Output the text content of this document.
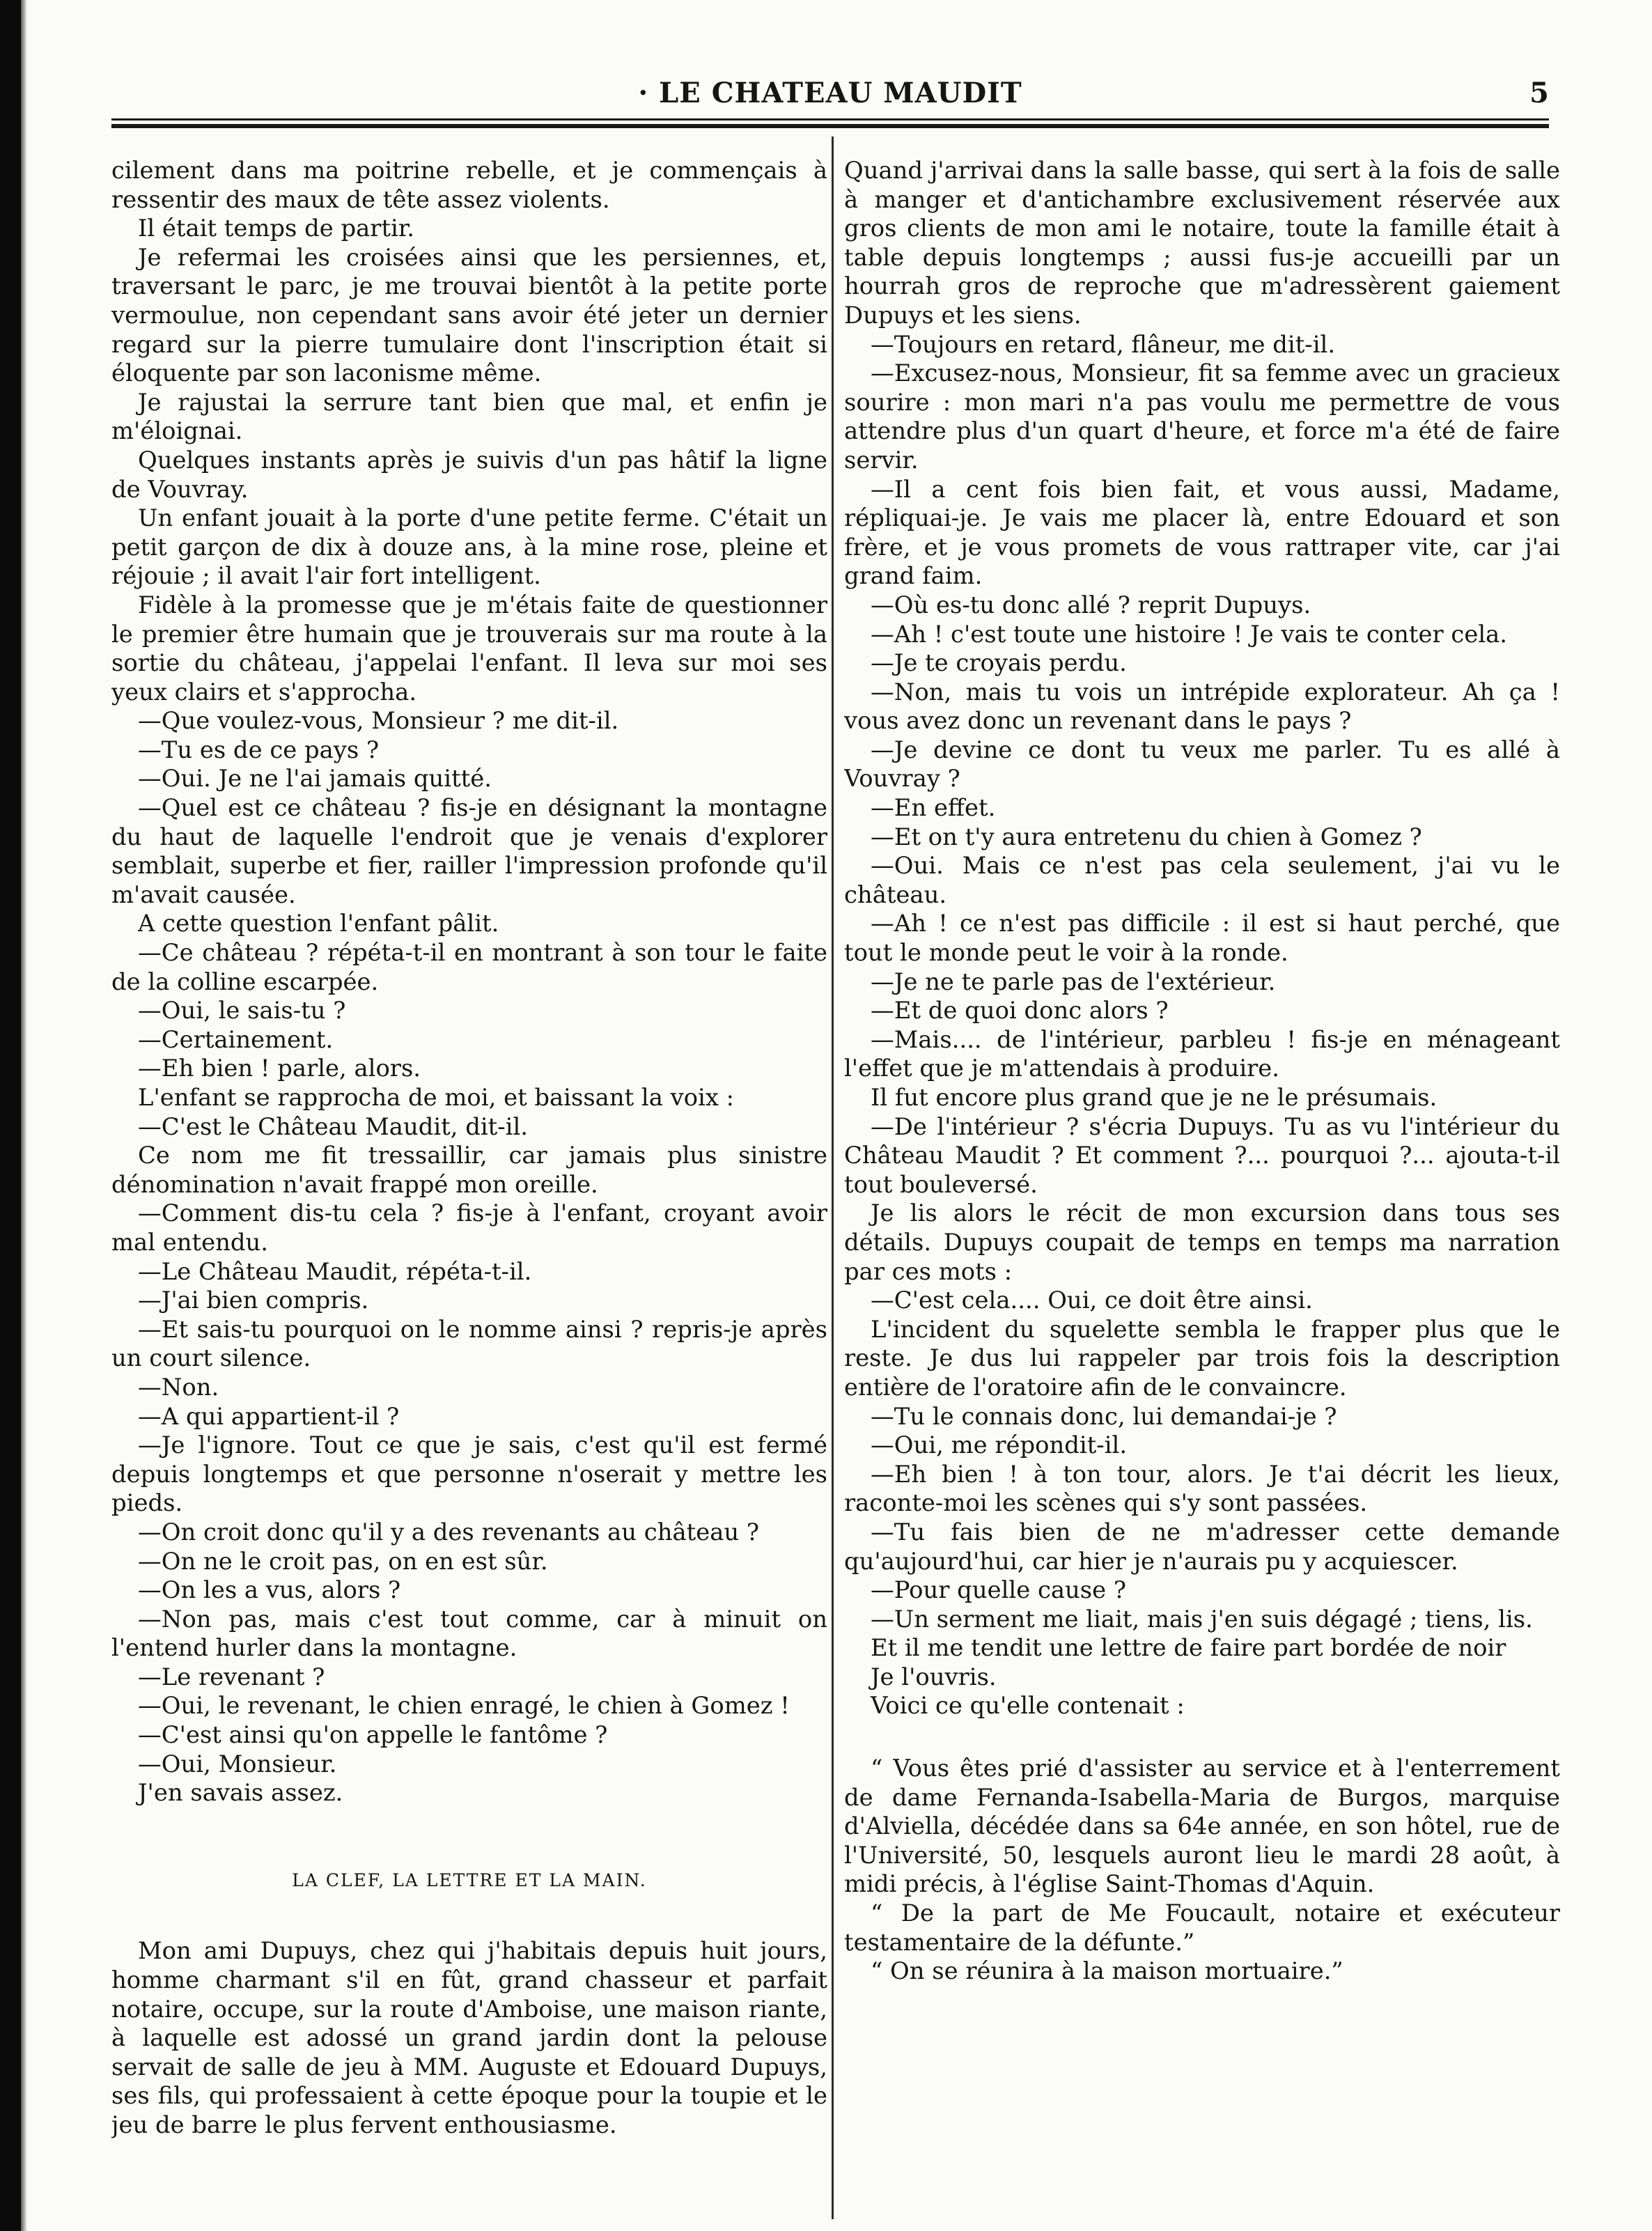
· LE CHATEAU MAUDIT	5

cilement dans ma poitrine rebelle, et je commençais à ressentir des maux de tête assez violents.

Il était temps de partir.

Je refermai les croisées ainsi que les persiennes, et, traversant le parc, je me trouvai bientôt à la petite porte vermoulue, non cependant sans avoir été jeter un dernier regard sur la pierre tumulaire dont l'inscription était si éloquente par son laconisme même.

Je rajustai la serrure tant bien que mal, et enfin je m'éloignai.

Quelques instants après je suivis d'un pas hâtif la ligne de Vouvray.

Un enfant jouait à la porte d'une petite ferme. C'était un petit garçon de dix à douze ans, à la mine rose, pleine et réjouie ; il avait l'air fort intelligent.

Fidèle à la promesse que je m'étais faite de questionner le premier être humain que je trouverais sur ma route à la sortie du château, j'appelai l'enfant. Il leva sur moi ses yeux clairs et s'approcha.

—Que voulez-vous, Monsieur ? me dit-il.

—Tu es de ce pays ?

—Oui. Je ne l'ai jamais quitté.

—Quel est ce château ? fis-je en désignant la montagne du haut de laquelle l'endroit que je venais d'explorer semblait, superbe et fier, railler l'impression profonde qu'il m'avait causée.

A cette question l'enfant pâlit.

—Ce château ? répéta-t-il en montrant à son tour le faite de la colline escarpée.

—Oui, le sais-tu ?

—Certainement.

—Eh bien ! parle, alors.

L'enfant se rapprocha de moi, et baissant la voix :

—C'est le Château Maudit, dit-il.

Ce nom me fit tressaillir, car jamais plus sinistre dénomination n'avait frappé mon oreille.

—Comment dis-tu cela ? fis-je à l'enfant, croyant avoir mal entendu.

—Le Château Maudit, répéta-t-il.

—J'ai bien compris.

—Et sais-tu pourquoi on le nomme ainsi ? repris-je après un court silence.

—Non.

—A qui appartient-il ?

—Je l'ignore. Tout ce que je sais, c'est qu'il est fermé depuis longtemps et que personne n'oserait y mettre les pieds.

—On croit donc qu'il y a des revenants au château ?

—On ne le croit pas, on en est sûr.

—On les a vus, alors ?

—Non pas, mais c'est tout comme, car à minuit on l'entend hurler dans la montagne.

—Le revenant ?

—Oui, le revenant, le chien enragé, le chien à Gomez !

—C'est ainsi qu'on appelle le fantôme ?

—Oui, Monsieur.

J'en savais assez.

LA CLEF, LA LETTRE ET LA MAIN.

Mon ami Dupuys, chez qui j'habitais depuis huit jours, homme charmant s'il en fût, grand chasseur et parfait notaire, occupe, sur la route d'Amboise, une maison riante, à laquelle est adossé un grand jardin dont la pelouse servait de salle de jeu à MM. Auguste et Edouard Dupuys, ses fils, qui professaient à cette époque pour la toupie et le jeu de barre le plus fervent enthousiasme.

Quand j'arrivai dans la salle basse, qui sert à la fois de salle à manger et d'antichambre exclusivement réservée aux gros clients de mon ami le notaire, toute la famille était à table depuis longtemps ; aussi fus-je accueilli par un hourrah gros de reproche que m'adressèrent gaiement Dupuys et les siens.

—Toujours en retard, flâneur, me dit-il.

—Excusez-nous, Monsieur, fit sa femme avec un gracieux sourire : mon mari n'a pas voulu me permettre de vous attendre plus d'un quart d'heure, et force m'a été de faire servir.

—Il a cent fois bien fait, et vous aussi, Madame, répliquai-je. Je vais me placer là, entre Edouard et son frère, et je vous promets de vous rattraper vite, car j'ai grand faim.

—Où es-tu donc allé ? reprit Dupuys.

—Ah ! c'est toute une histoire ! Je vais te conter cela.

—Je te croyais perdu.

—Non, mais tu vois un intrépide explorateur. Ah ça ! vous avez donc un revenant dans le pays ?

—Je devine ce dont tu veux me parler. Tu es allé à Vouvray ?

—En effet.

—Et on t'y aura entretenu du chien à Gomez ?

—Oui. Mais ce n'est pas cela seulement, j'ai vu le château.

—Ah ! ce n'est pas difficile : il est si haut perché, que tout le monde peut le voir à la ronde.

—Je ne te parle pas de l'extérieur.

—Et de quoi donc alors ?

—Mais.... de l'intérieur, parbleu ! fis-je en ménageant l'effet que je m'attendais à produire.

Il fut encore plus grand que je ne le présumais.

—De l'intérieur ? s'écria Dupuys. Tu as vu l'intérieur du Château Maudit ? Et comment ?... pourquoi ?... ajouta-t-il tout bouleversé.

Je lis alors le récit de mon excursion dans tous ses détails. Dupuys coupait de temps en temps ma narration par ces mots :

—C'est cela.... Oui, ce doit être ainsi.

L'incident du squelette sembla le frapper plus que le reste. Je dus lui rappeler par trois fois la description entière de l'oratoire afin de le convaincre.

—Tu le connais donc, lui demandai-je ?

—Oui, me répondit-il.

—Eh bien ! à ton tour, alors. Je t'ai décrit les lieux, raconte-moi les scènes qui s'y sont passées.

—Tu fais bien de ne m'adresser cette demande qu'aujourd'hui, car hier je n'aurais pu y acquiescer.

—Pour quelle cause ?

—Un serment me liait, mais j'en suis dégagé ; tiens, lis.

Et il me tendit une lettre de faire part bordée de noir

Je l'ouvris.

Voici ce qu'elle contenait :

“ Vous êtes prié d'assister au service et à l'enterrement de dame Fernanda-Isabella-Maria de Burgos, marquise d'Alviella, décédée dans sa 64e année, en son hôtel, rue de l'Université, 50, lesquels auront lieu le mardi 28 août, à midi précis, à l'église Saint-Thomas d'Aquin.

“ De la part de Me Foucault, notaire et exécuteur testamentaire de la défunte.”

“ On se réunira à la maison mortuaire.”
